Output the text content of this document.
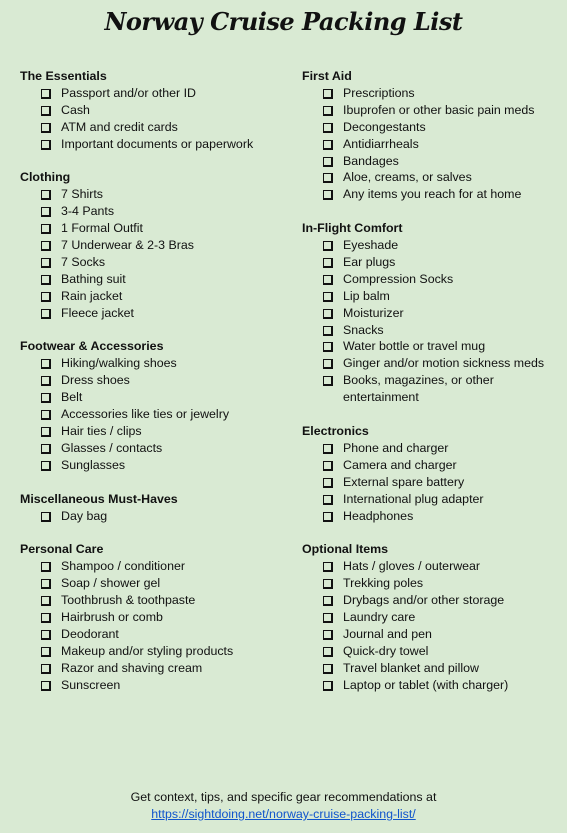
Norway Cruise Packing List
The Essentials
Passport and/or other ID
Cash
ATM and credit cards
Important documents or paperwork
Clothing
7 Shirts
3-4 Pants
1 Formal Outfit
7 Underwear & 2-3 Bras
7 Socks
Bathing suit
Rain jacket
Fleece jacket
Footwear & Accessories
Hiking/walking shoes
Dress shoes
Belt
Accessories like ties or jewelry
Hair ties / clips
Glasses / contacts
Sunglasses
Miscellaneous Must-Haves
Day bag
Personal Care
Shampoo / conditioner
Soap / shower gel
Toothbrush & toothpaste
Hairbrush or comb
Deodorant
Makeup and/or styling products
Razor and shaving cream
Sunscreen
First Aid
Prescriptions
Ibuprofen or other basic pain meds
Decongestants
Antidiarrheals
Bandages
Aloe, creams, or salves
Any items you reach for at home
In-Flight Comfort
Eyeshade
Ear plugs
Compression Socks
Lip balm
Moisturizer
Snacks
Water bottle or travel mug
Ginger and/or motion sickness meds
Books, magazines, or other entertainment
Electronics
Phone and charger
Camera and charger
External spare battery
International plug adapter
Headphones
Optional Items
Hats / gloves / outerwear
Trekking poles
Drybags and/or other storage
Laundry care
Journal and pen
Quick-dry towel
Travel blanket and pillow
Laptop or tablet (with charger)
Get context, tips, and specific gear recommendations at
https://sightdoing.net/norway-cruise-packing-list/
